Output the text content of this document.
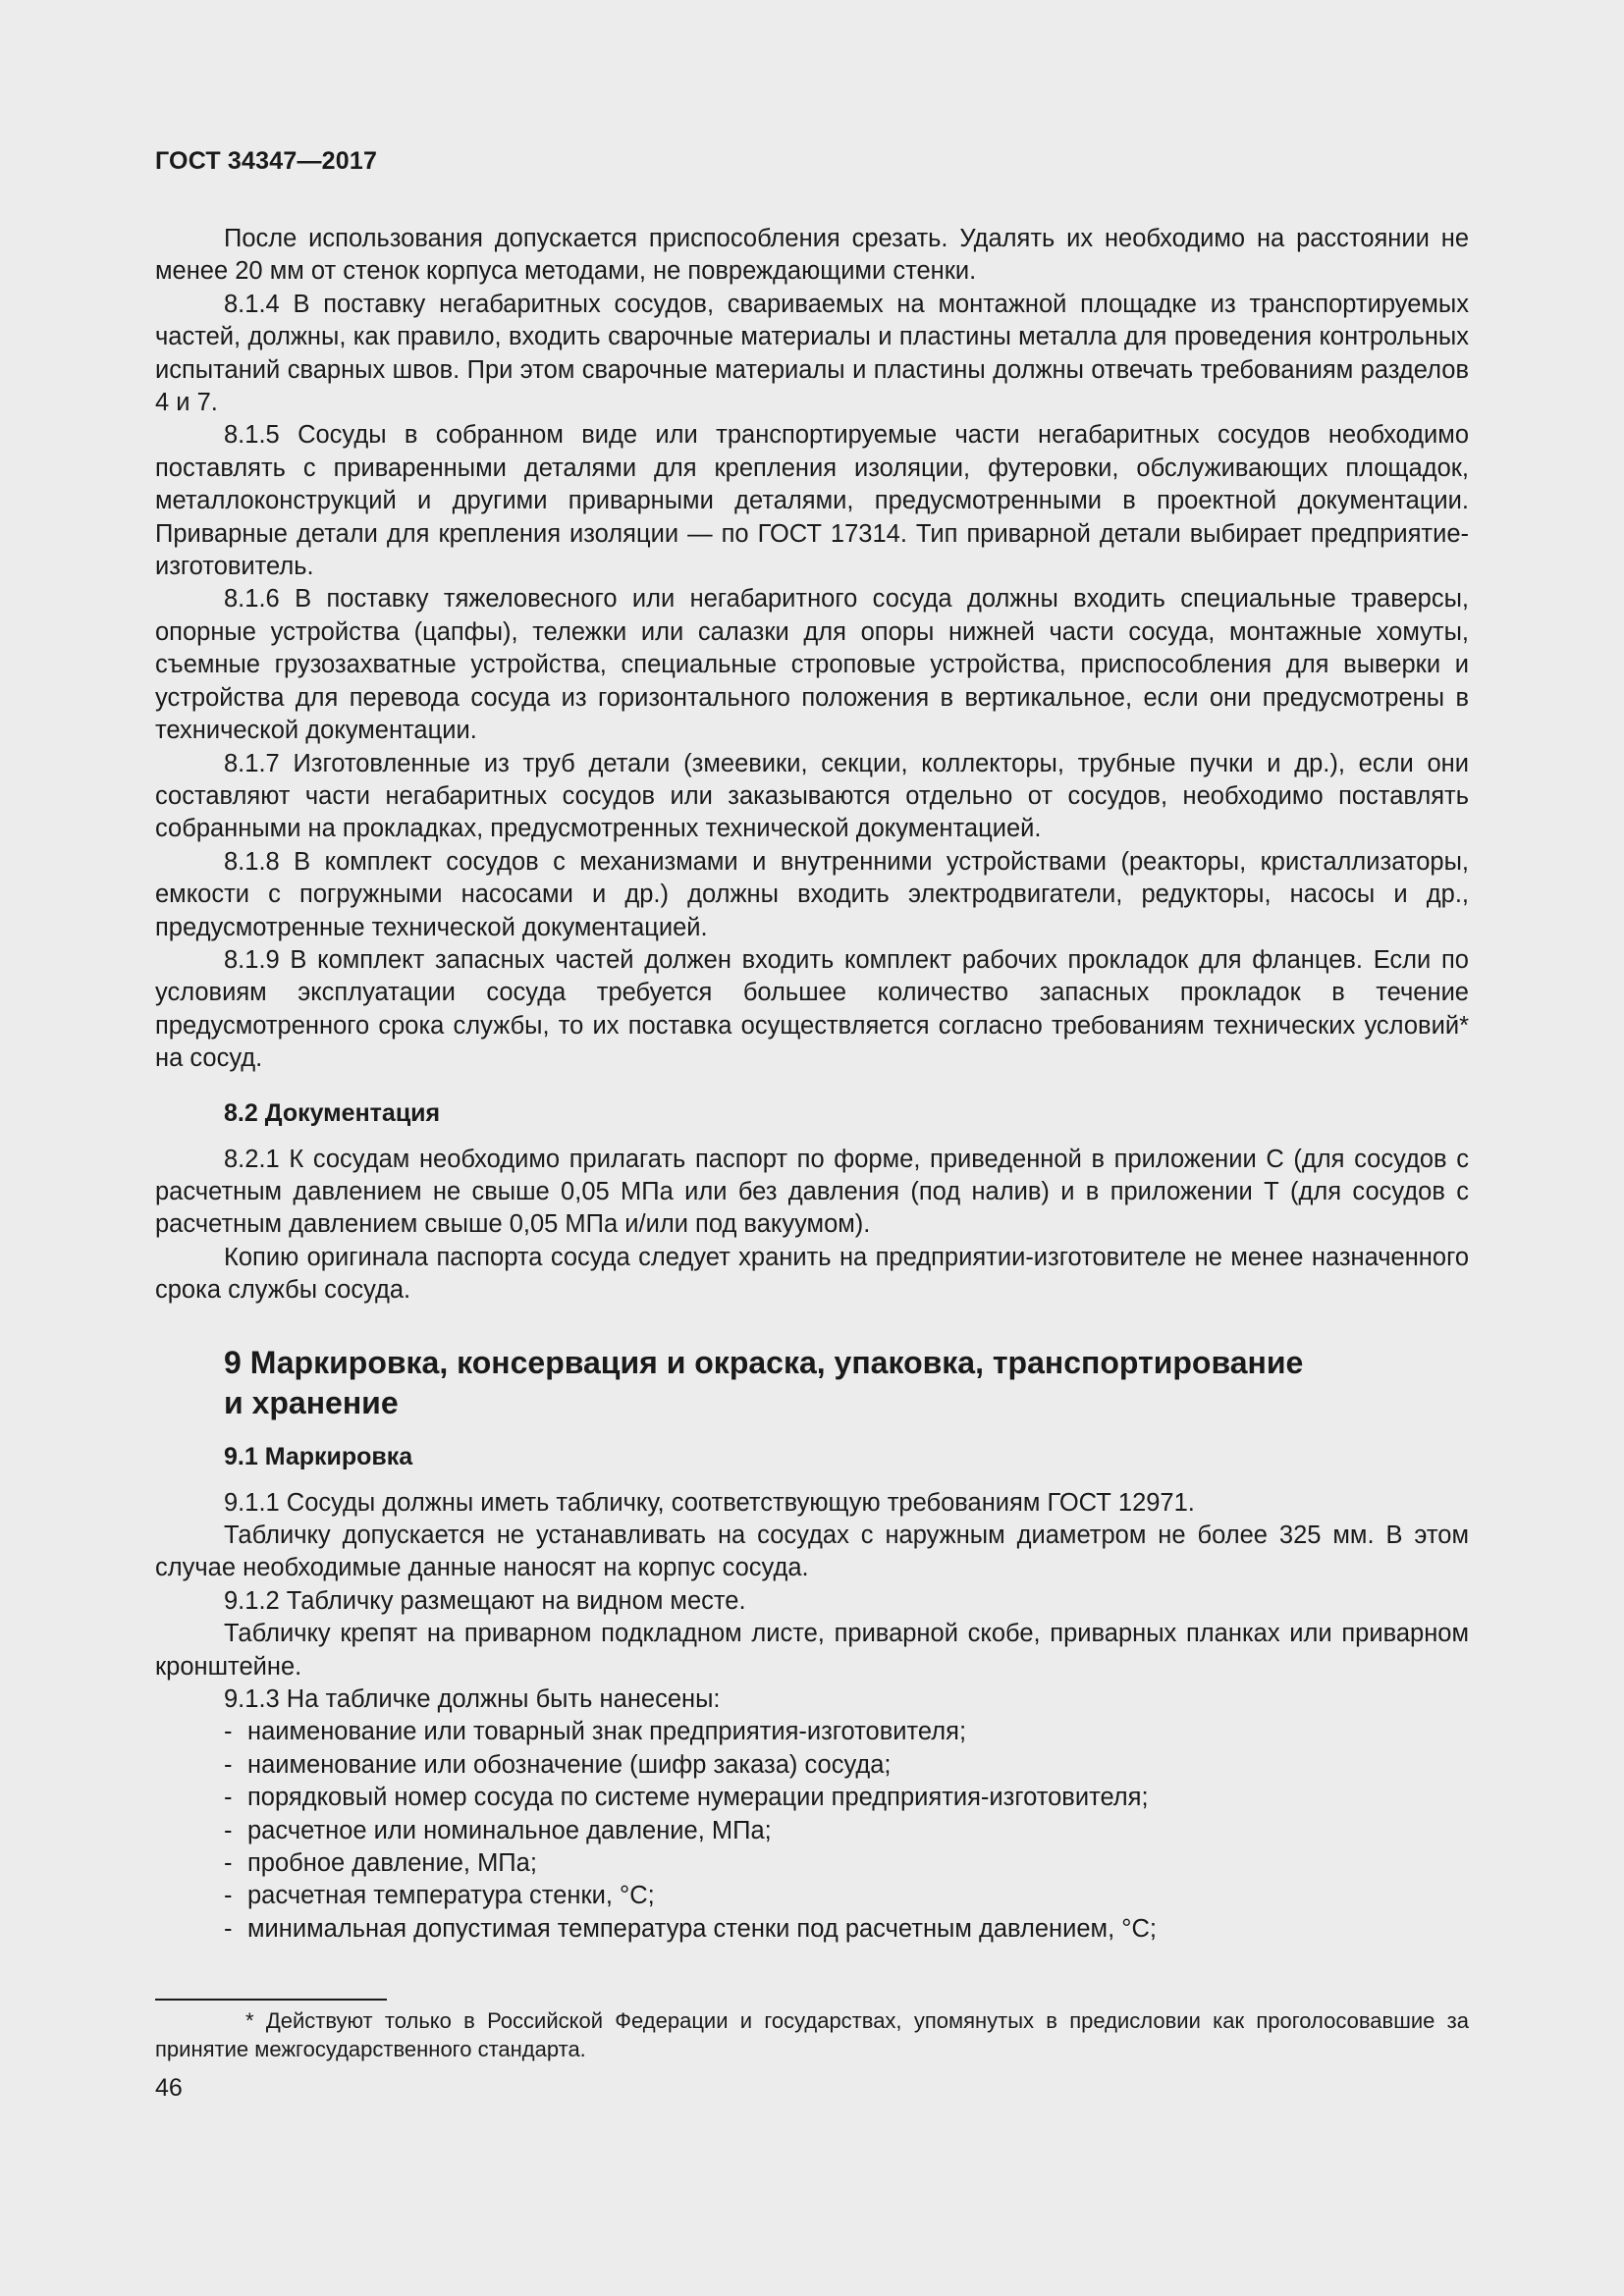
ГОСТ 34347—2017

После использования допускается приспособления срезать. Удалять их необходимо на расстоянии не менее 20 мм от стенок корпуса методами, не повреждающими стенки.

8.1.4 В поставку негабаритных сосудов, свариваемых на монтажной площадке из транспортируемых частей, должны, как правило, входить сварочные материалы и пластины металла для проведения контрольных испытаний сварных швов. При этом сварочные материалы и пластины должны отвечать требованиям разделов 4 и 7.

8.1.5 Сосуды в собранном виде или транспортируемые части негабаритных сосудов необходимо поставлять с приваренными деталями для крепления изоляции, футеровки, обслуживающих площадок, металлоконструкций и другими приварными деталями, предусмотренными в проектной документации. Приварные детали для крепления изоляции — по ГОСТ 17314. Тип приварной детали выбирает предприятие-изготовитель.

8.1.6 В поставку тяжеловесного или негабаритного сосуда должны входить специальные траверсы, опорные устройства (цапфы), тележки или салазки для опоры нижней части сосуда, монтажные хомуты, съемные грузозахватные устройства, специальные строповые устройства, приспособления для выверки и устройства для перевода сосуда из горизонтального положения в вертикальное, если они предусмотрены в технической документации.

8.1.7 Изготовленные из труб детали (змеевики, секции, коллекторы, трубные пучки и др.), если они составляют части негабаритных сосудов или заказываются отдельно от сосудов, необходимо поставлять собранными на прокладках, предусмотренных технической документацией.

8.1.8 В комплект сосудов с механизмами и внутренними устройствами (реакторы, кристаллизаторы, емкости с погружными насосами и др.) должны входить электродвигатели, редукторы, насосы и др., предусмотренные технической документацией.

8.1.9 В комплект запасных частей должен входить комплект рабочих прокладок для фланцев. Если по условиям эксплуатации сосуда требуется большее количество запасных прокладок в течение предусмотренного срока службы, то их поставка осуществляется согласно требованиям технических условий* на сосуд.

8.2 Документация

8.2.1 К сосудам необходимо прилагать паспорт по форме, приведенной в приложении С (для сосудов с расчетным давлением не свыше 0,05 МПа или без давления (под налив) и в приложении Т (для сосудов с расчетным давлением свыше 0,05 МПа и/или под вакуумом).

Копию оригинала паспорта сосуда следует хранить на предприятии-изготовителе не менее назначенного срока службы сосуда.

9 Маркировка, консервация и окраска, упаковка, транспортирование
и хранение
9.1 Маркировка

9.1.1 Сосуды должны иметь табличку, соответствующую требованиям ГОСТ 12971.

Табличку допускается не устанавливать на сосудах с наружным диаметром не более 325 мм. В этом случае необходимые данные наносят на корпус сосуда.

9.1.2 Табличку размещают на видном месте.

Табличку крепят на приварном подкладном листе, приварной скобе, приварных планках или приварном кронштейне.

9.1.3 На табличке должны быть нанесены:

- наименование или товарный знак предприятия-изготовителя;
- наименование или обозначение (шифр заказа) сосуда;
- порядковый номер сосуда по системе нумерации предприятия-изготовителя;
- расчетное или номинальное давление, МПа;
- пробное давление, МПа;
- расчетная температура стенки, °С;
- минимальная допустимая температура стенки под расчетным давлением, °С;
* Действуют только в Российской Федерации и государствах, упомянутых в предисловии как проголосовавшие за принятие межгосударственного стандарта.
46
